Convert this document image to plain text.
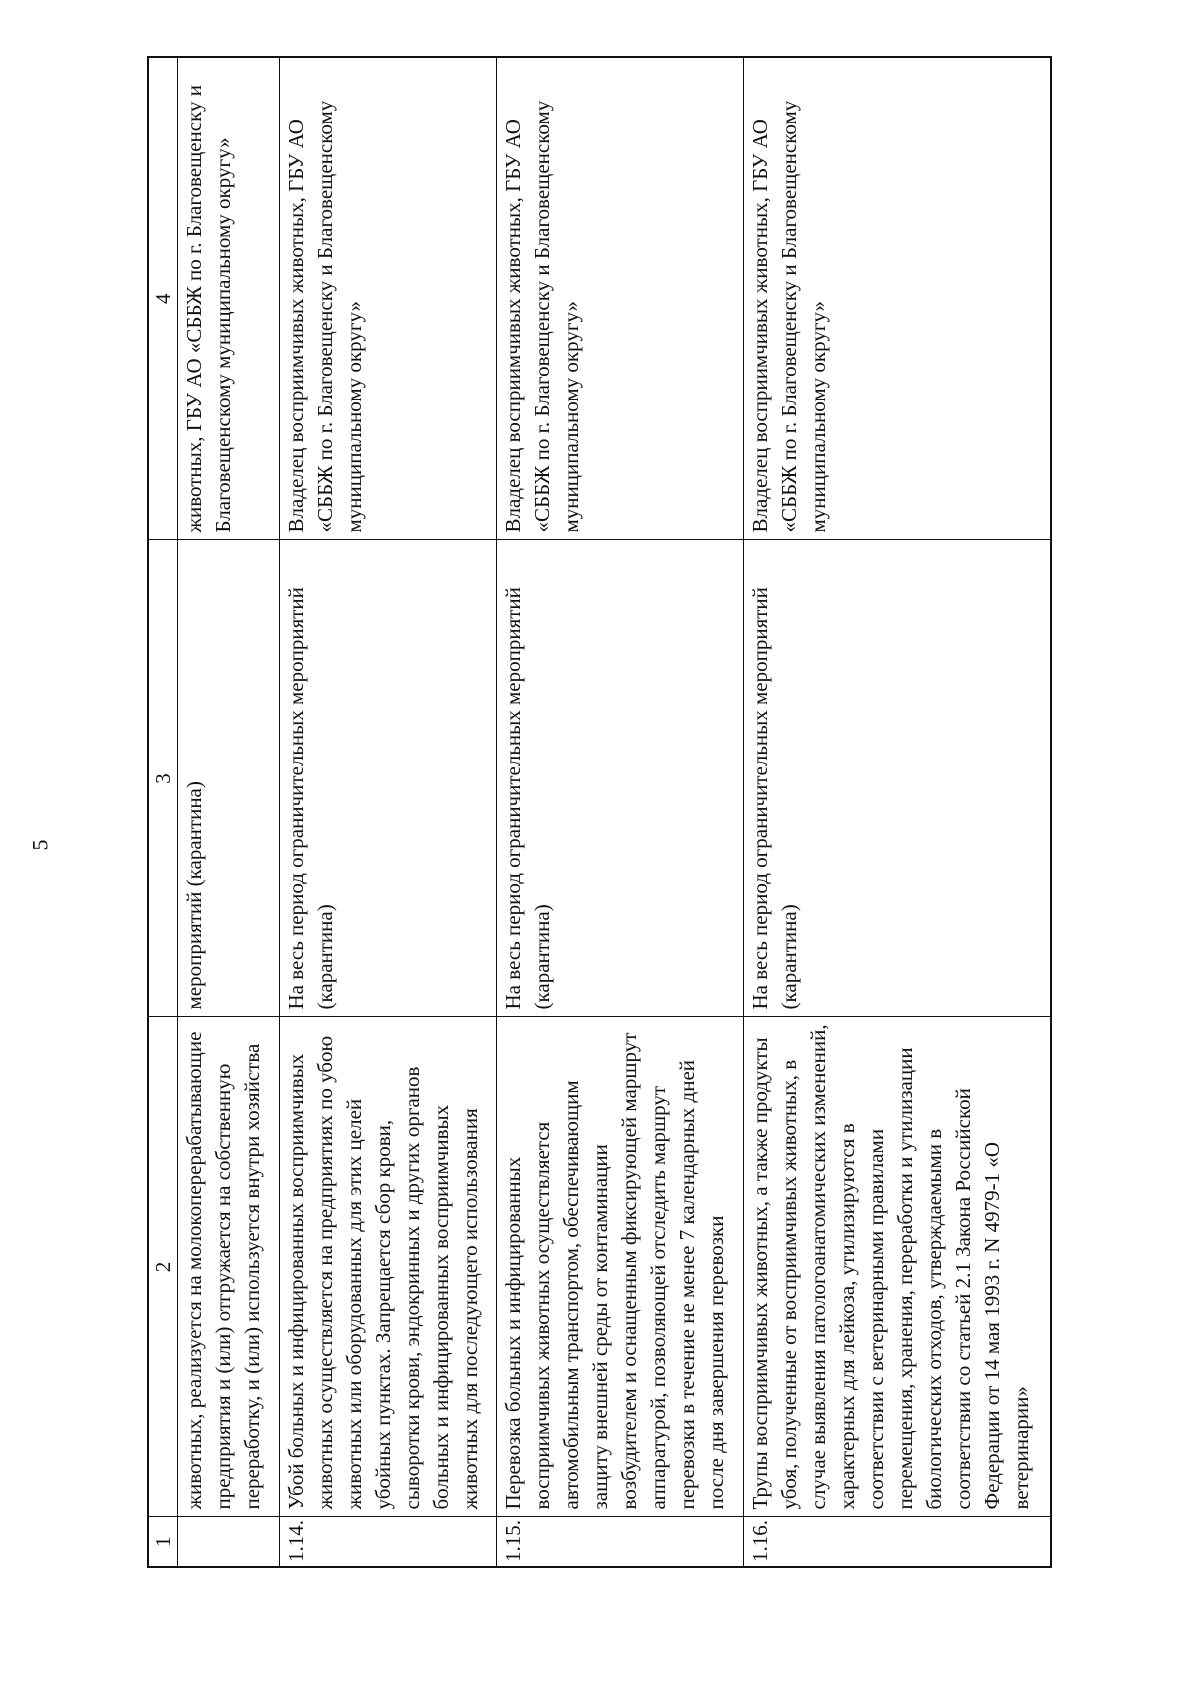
5
1	2	3	4
	животных, реализуется на молокоперерабатывающие предприятия и (или) отгружается на собственную переработку, и (или) используется внутри хозяйства	мероприятий (карантина)	животных, ГБУ АО «СББЖ по г. Благовещенску и Благовещенскому муниципальному округу»
1.14.	Убой больных и инфицированных восприимчивых животных осуществляется на предприятиях по убою животных или оборудованных для этих целей убойных пунктах. Запрещается сбор крови, сыворотки крови, эндокринных и других органов больных и инфицированных восприимчивых животных для последующего использования	На весь период ограничительных мероприятий (карантина)	Владелец восприимчивых животных, ГБУ АО «СББЖ по г. Благовещенску и Благовещенскому муниципальному округу»
1.15.	Перевозка больных и инфицированных восприимчивых животных осуществляется автомобильным транспортом, обеспечивающим защиту внешней среды от контаминации возбудителем и оснащенным фиксирующей маршрут аппаратурой, позволяющей отследить маршрут перевозки в течение не менее 7 календарных дней после дня завершения перевозки	На весь период ограничительных мероприятий (карантина)	Владелец восприимчивых животных, ГБУ АО «СББЖ по г. Благовещенску и Благовещенскому муниципальному округу»
1.16.	Трупы восприимчивых животных, а также продукты убоя, полученные от восприимчивых животных, в случае выявления патологоанатомических изменений, характерных для лейкоза, утилизируются в соответствии с ветеринарными правилами перемещения, хранения, переработки и утилизации биологических отходов, утверждаемыми в соответствии со статьей 2.1 Закона Российской Федерации от 14 мая 1993 г. N 4979-1 «О ветеринарии»	На весь период ограничительных мероприятий (карантина)	Владелец восприимчивых животных, ГБУ АО «СББЖ по г. Благовещенску и Благовещенскому муниципальному округу»
